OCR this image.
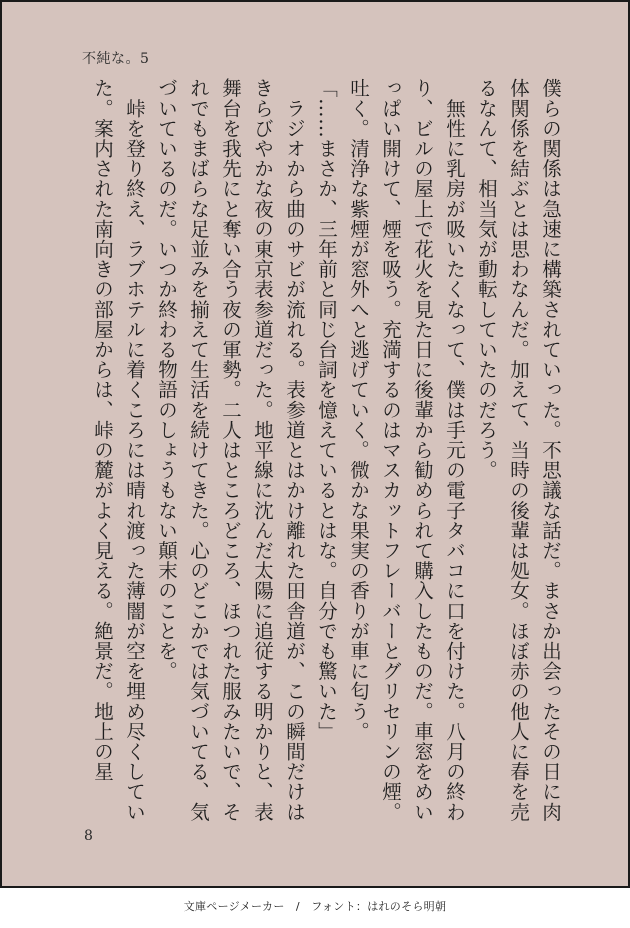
不純な。5

僕らの関係は急速に構築されていった。不思議な話だ。まさか出会ったその日に肉体関係を結ぶとは思わなんだ。加えて、当時の後輩は処女。ほぼ赤の他人に春を売るなんて、相当気が動転していたのだろう。

　無性に乳房が吸いたくなって、僕は手元の電子タバコに口を付けた。八月の終わり、ビルの屋上で花火を見た日に後輩から勧められて購入したものだ。車窓をめいっぱい開けて、煙を吸う。充満するのはマスカットフレーバーとグリセリンの煙。吐く。清浄な紫煙が窓外へと逃げていく。微かな果実の香りが車に匂う。

「……まさか、三年前と同じ台詞を憶えているとはな。自分でも驚いた」

　ラジオから曲のサビが流れる。表参道とはかけ離れた田舎道が、この瞬間だけはきらびやかな夜の東京表参道だった。地平線に沈んだ太陽に追従する明かりと、表舞台を我先にと奪い合う夜の軍勢。二人はところどころ、ほつれた服みたいで、それでもまばらな足並みを揃えて生活を続けてきた。心のどこかでは気づいてる、気づいているのだ。いつか終わる物語のしょうもない顛末のことを。

　峠を登り終え、ラブホテルに着くころには晴れ渡った薄闇が空を埋め尽くしていた。案内された南向きの部屋からは、峠の麓がよく見える。絶景だ。地上の星

8
文庫ページメーカー　/　フォント：はれのそら明朝
